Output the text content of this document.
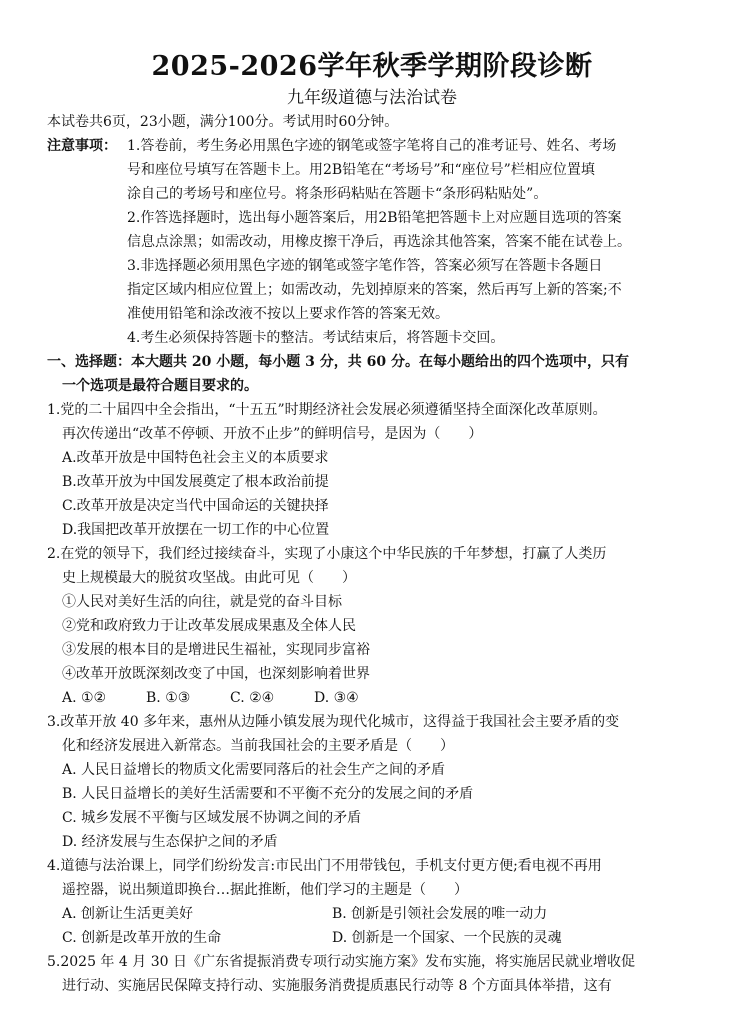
2025-2026学年秋季学期阶段诊断
九年级道德与法治试卷
本试卷共6页，23小题，满分100分。考试用时60分钟。
注意事项： 1.答卷前，考生务必用黑色字迹的钢笔或签字笔将自己的准考证号、姓名、考场
号和座位号填写在答题卡上。用2B铅笔在“考场号”和“座位号”栏相应位置填
涂自己的考场号和座位号。将条形码粘贴在答题卡“条形码粘贴处”。
2.作答选择题时，选出每小题答案后，用2B铅笔把答题卡上对应题目选项的答案
信息点涂黑；如需改动，用橡皮擦干净后，再选涂其他答案，答案不能在试卷上。
3.非选择题必须用黑色字迹的钢笔或签字笔作答，答案必须写在答题卡各题日
指定区域内相应位置上；如需改动，先划掉原来的答案，然后再写上新的答案;不
准使用铅笔和涂改液不按以上要求作答的答案无效。
4.考生必须保持答题卡的整洁。考试结束后，将答题卡交回。
一、选择题：本大题共 20 小题，每小题 3 分，共 60 分。在每小题给出的四个选项中，只有
一个选项是最符合题目要求的。
1.党的二十届四中全会指出，“十五五”时期经济社会发展必须遵循坚持全面深化改革原则。
再次传递出“改革不停顿、开放不止步”的鲜明信号，是因为（　　）
A.改革开放是中国特色社会主义的本质要求
B.改革开放为中国发展奠定了根本政治前提
C.改革开放是决定当代中国命运的关键抉择
D.我国把改革开放摆在一切工作的中心位置
2.在党的领导下，我们经过接续奋斗，实现了小康这个中华民族的千年梦想，打赢了人类历
史上规模最大的脱贫攻坚战。由此可见（　　）
①人民对美好生活的向往，就是党的奋斗目标
②党和政府致力于让改革发展成果惠及全体人民
③发展的根本目的是增进民生福祉，实现同步富裕
④改革开放既深刻改变了中国，也深刻影响着世界
A. ①②	B. ①③	C. ②④	D. ③④
3.改革开放 40 多年来，惠州从边陲小镇发展为现代化城市，这得益于我国社会主要矛盾的变
化和经济发展进入新常态。当前我国社会的主要矛盾是（　　）
A. 人民日益增长的物质文化需要同落后的社会生产之间的矛盾
B. 人民日益增长的美好生活需要和不平衡不充分的发展之间的矛盾
C. 城乡发展不平衡与区域发展不协调之间的矛盾
D. 经济发展与生态保护之间的矛盾
4.道德与法治课上，同学们纷纷发言:市民出门不用带钱包，手机支付更方便;看电视不再用
遥控器，说出频道即换台…据此推断，他们学习的主题是（　　）
A. 创新让生活更美好	B. 创新是引领社会发展的唯一动力
C. 创新是改革开放的生命	D. 创新是一个国家、一个民族的灵魂
5.2025 年 4 月 30 日《广东省提振消费专项行动实施方案》发布实施，将实施居民就业增收促
进行动、实施居民保障支持行动、实施服务消费提质惠民行动等 8 个方面具体举措，这有
